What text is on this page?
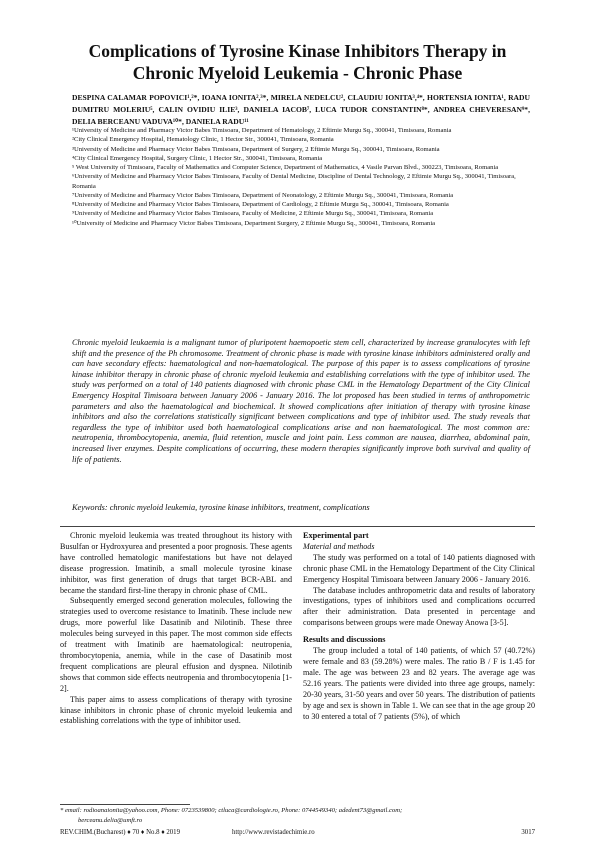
Complications of Tyrosine Kinase Inhibitors Therapy in
Chronic Myeloid Leukemia - Chronic Phase
DESPINA CALAMAR POPOVICI¹,²*, IOANA IONITA²,³*, MIRELA NEDELCU², CLAUDIU IONITA³,⁴*, HORTENSIA IONITA¹, RADU DUMITRU MOLERIU⁵, CALIN OVIDIU ILIE³, DANIELA IACOB⁷, LUCA TUDOR CONSTANTIN⁸*, ANDREA CHEVERESAN⁹*, DELIA BERCEANU VADUVA¹⁰*, DANIELA RADU¹¹

¹University of Medicine and Pharmacy Victor Babes Timisoara, Department of Hematology, 2 Eftimie Murgu Sq., 300041, Timisoara, Romania

²City Clinical Emergency Hospital, Hematology Clinic, 1 Hector Str., 300041, Timisoara, Romania

³University of Medicine and Pharmacy Victor Babes Timisoara, Department of Surgery, 2 Eftimie Murgu Sq., 300041, Timisoara, Romania

⁴City Clinical Emergency Hospital, Surgery Clinic, 1 Hector Str., 300041, Timisoara, Romania

⁵ West University of Timisoara, Faculty of Mathematics and Computer Science, Department of Mathematics, 4 Vasile Parvan Blvd., 300223, Timisoara, Romania

⁶University of Medicine and Pharmacy Victor Babes Timisoara, Faculty of Dental Medicine, Discipline of Dental Technology, 2 Eftimie Murgu Sq., 300041, Timisoara, Romania

⁷University of Medicine and Pharmacy Victor Babes Timisoara, Department of Neonatology, 2 Eftimie Murgu Sq., 300041, Timisoara, Romania

⁸University of Medicine and Pharmacy Victor Babes Timisoara, Department of Cardiology, 2 Eftimie Murgu Sq., 300041, Timisoara, Romania

⁹University of Medicine and Pharmacy Victor Babes Timisoara, Faculty of Medicine, 2 Eftimie Murgu Sq., 300041, Timisoara, Romania

¹⁰University of Medicine and Pharmacy Victor Babes Timisoara, Department Surgery, 2 Eftimie Murgu Sq., 300041, Timisoara, Romania

Chronic myeloid leukaemia is a malignant tumor of pluripotent haemopoetic stem cell, characterized by increase granulocytes with left shift and the presence of the Ph chromosome. Treatment of chronic phase is made with tyrosine kinase inhibitors administered orally and can have secondary effects: haematological and non-haematological. The purpose of this paper is to assess complications of tyrosine kinase inhibitor therapy in chronic phase of chronic myeloid leukemia and establishing correlations with the type of inhibitor used. The study was performed on a total of 140 patients diagnosed with chronic phase CML in the Hematology Department of the City Clinical Emergency Hospital Timisoara between January 2006 - January 2016. The lot proposed has been studied in terms of anthropometric parameters and also the haematological and biochemical. It showed complications after initiation of therapy with tyrosine kinase inhibitors and also the correlations statistically significant between complications and type of inhibitor used. The study reveals that regardless the type of inhibitor used both haematological complications arise and non haematological. The most common are: neutropenia, thrombocytopenia, anemia, fluid retention, muscle and joint pain. Less common are nausea, diarrhea, abdominal pain, increased liver enzymes. Despite complications of occurring, these modern therapies significantly improve both survival and quality of life of patients.

Keywords: chronic myeloid leukemia, tyrosine kinase inhibitors, treatment, complications

Chronic myeloid leukemia was treated throughout its history with Busulfan or Hydroxyurea and presented a poor prognosis. These agents have controlled hematologic manifestations but have not delayed disease progression. Imatinib, a small molecule tyrosine kinase inhibitor, was first generation of drugs that target BCR-ABL and became the standard first-line therapy in chronic phase of CML.

Subsequently emerged second generation molecules, following the strategies used to overcome resistance to Imatinib. These include new drugs, more powerful like Dasatinib and Nilotinib. These three molecules being surveyed in this paper. The most common side effects of treatment with Imatinib are haematological: neutropenia, thrombocytopenia, anemia, while in the case of Dasatinib most frequent complications are pleural effusion and dyspnea. Nilotinib shows that common side effects neutropenia and thrombocytopenia [1-2].

This paper aims to assess complications of therapy with tyrosine kinase inhibitors in chronic phase of chronic myeloid leukemia and establishing correlations with the type of inhibitor used.

Experimental part

Material and methods

The study was performed on a total of 140 patients diagnosed with chronic phase CML in the Hematology Department of the City Clinical Emergency Hospital Timisoara between January 2006 - January 2016.

The database includes anthropometric data and results of laboratory investigations, types of inhibitors used and complications occurred after their administration. Data presented in percentage and comparisons between groups were made Oneway Anowa [3-5].

Results and discussions

The group included a total of 140 patients, of which 57 (40.72%) were female and 83 (59.28%) were males. The ratio B / F is 1.45 for male. The age was between 23 and 82 years. The average age was 52.16 years. The patients were divided into three age groups, namely: 20-30 years, 31-50 years and over 50 years. The distribution of patients by age and sex is shown in Table 1. We can see that in the age group 20 to 30 entered a total of 7 patients (5%), of which

* email: rodioanaionita@yahoo.com, Phone: 0723539800; ctluca@cardiologie.ro, Phone: 0744549340; adedent73@gmail.com;
berceanu.delia@umft.ro

REV.CHIM.(Bucharest) ♦ 70 ♦ No.8 ♦ 2019	http://www.revistadechimie.ro	3017
